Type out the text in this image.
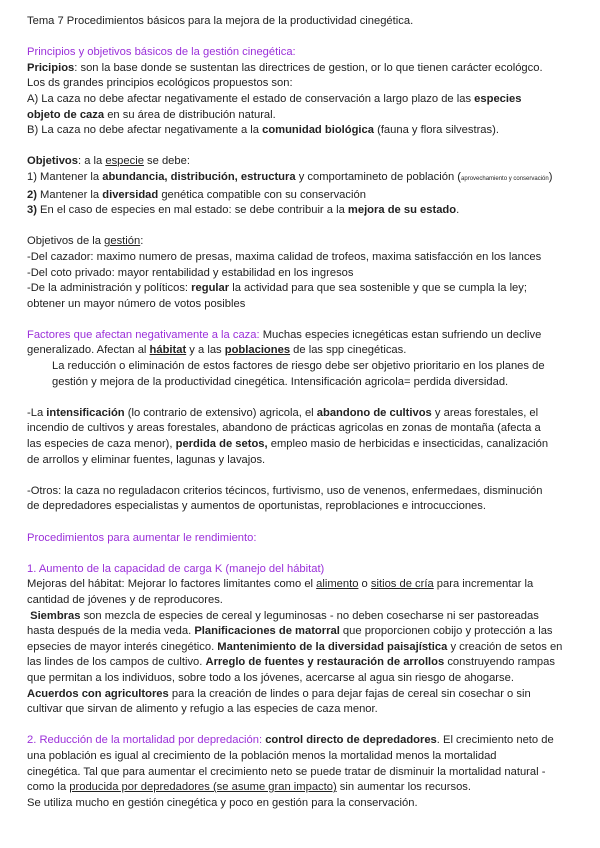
Tema 7 Procedimientos básicos para la mejora de la productividad cinegética.

Principios y objetivos básicos de la gestión cinegética:

Pricipios: son la base donde se sustentan las directrices de gestion, or lo que tienen carácter ecológco.

Los ds grandes principios ecológicos propuestos son:

A) La caza no debe afectar negativamente el estado de conservación a largo plazo de las especies

objeto de caza en su área de distribución natural.

B) La caza no debe afectar negativamente a la comunidad biológica (fauna y flora silvestras).

Objetivos: a la especie se debe:

1) Mantener la abundancia, distribución, estructura y comportamineto de población (aprovechamiento y conservación)

2) Mantener la diversidad genética compatible con su conservación

3) En el caso de especies en mal estado: se debe contribuir a la mejora de su estado.

Objetivos de la gestión:

-Del cazador: maximo numero de presas, maxima calidad de trofeos, maxima satisfacción en los lances

-Del coto privado: mayor rentabilidad y estabilidad en los ingresos

-De la administración y políticos: regular la actividad para que sea sostenible y que se cumpla la ley;

obtener un mayor número de votos posibles

Factores que afectan negativamente a la caza: Muchas especies icnegéticas estan sufriendo un declive

generalizado. Afectan al hábitat y a las poblaciones de las spp cinegéticas.

La reducción o eliminación de estos factores de riesgo debe ser objetivo prioritario en los planes de

gestión y mejora de la productividad cinegética. Intensificación agricola= perdida diversidad.

-La intensificación (lo contrario de extensivo) agricola, el abandono de cultivos y areas forestales, el

incendio de cultivos y areas forestales, abandono de prácticas agricolas en zonas de montaña (afecta a

las especies de caza menor), perdida de setos, empleo masio de herbicidas e insecticidas, canalización

de arrollos y eliminar fuentes, lagunas y lavajos.

-Otros: la caza no reguladacon criterios técincos, furtivismo, uso de venenos, enfermedaes, disminución

de depredadores especialistas y aumentos de oportunistas, reproblaciones e introcucciones.

Procedimientos para aumentar le rendimiento:

1. Aumento de la capacidad de carga K (manejo del hábitat)

Mejoras del hábitat: Mejorar lo factores limitantes como el alimento o sitios de cría para incrementar la

cantidad de jóvenes y de reproducores.

Siembras son mezcla de especies de cereal y leguminosas - no deben cosecharse ni ser pastoreadas

hasta después de la media veda. Planificaciones de matorral que proporcionen cobijo y protección a las

epsecies de mayor interés cinegético. Mantenimiento de la diversidad paisajística y creación de setos en

las lindes de los campos de cultivo. Arreglo de fuentes y restauración de arrollos construyendo rampas

que permitan a los individuos, sobre todo a los jóvenes, acercarse al agua sin riesgo de ahogarse.

Acuerdos con agricultores para la creación de lindes o para dejar fajas de cereal sin cosechar o sin

cultivar que sirvan de alimento y refugio a las especies de caza menor.

2. Reducción de la mortalidad por depredación: control directo de depredadores. El crecimiento neto de

una población es igual al crecimiento de la población menos la mortalidad menos la mortalidad

cinegética. Tal que para aumentar el crecimiento neto se puede tratar de disminuir la mortalidad natural -

como la producida por depredadores (se asume gran impacto) sin aumentar los recursos.

Se utiliza mucho en gestión cinegética y poco en gestión para la conservación.
